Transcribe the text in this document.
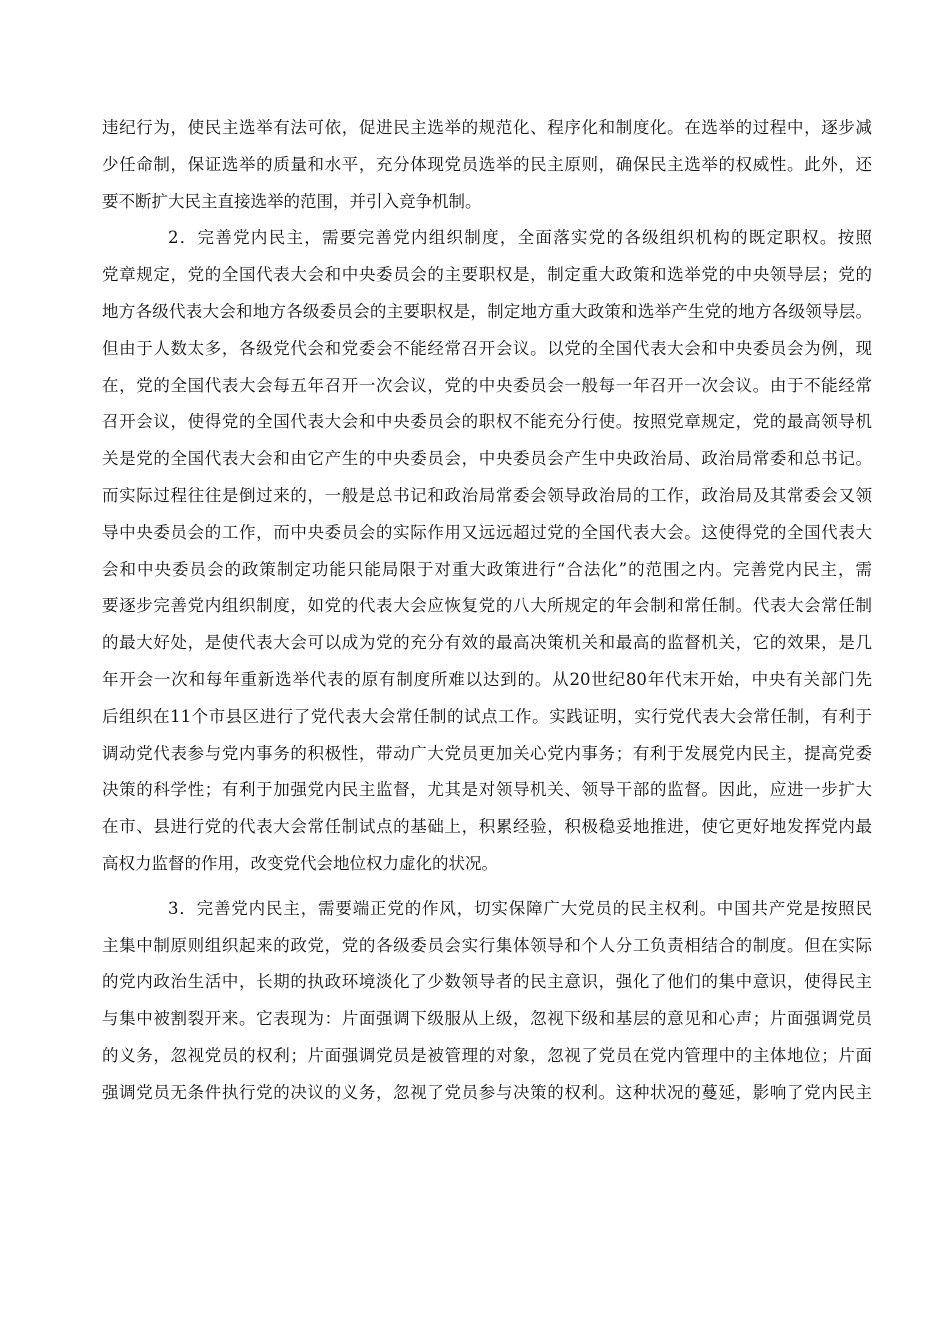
违纪行为，使民主选举有法可依，促进民主选举的规范化、程序化和制度化。在选举的过程中，逐步减
少任命制，保证选举的质量和水平，充分体现党员选举的民主原则，确保民主选举的权威性。此外，还
要不断扩大民主直接选举的范围，并引入竞争机制。
2．完善党内民主，需要完善党内组织制度，全面落实党的各级组织机构的既定职权。按照
党章规定，党的全国代表大会和中央委员会的主要职权是，制定重大政策和选举党的中央领导层；党的
地方各级代表大会和地方各级委员会的主要职权是，制定地方重大政策和选举产生党的地方各级领导层。
但由于人数太多，各级党代会和党委会不能经常召开会议。以党的全国代表大会和中央委员会为例，现
在，党的全国代表大会每五年召开一次会议，党的中央委员会一般每一年召开一次会议。由于不能经常
召开会议，使得党的全国代表大会和中央委员会的职权不能充分行使。按照党章规定，党的最高领导机
关是党的全国代表大会和由它产生的中央委员会，中央委员会产生中央政治局、政治局常委和总书记。
而实际过程往往是倒过来的，一般是总书记和政治局常委会领导政治局的工作，政治局及其常委会又领
导中央委员会的工作，而中央委员会的实际作用又远远超过党的全国代表大会。这使得党的全国代表大
会和中央委员会的政策制定功能只能局限于对重大政策进行“合法化”的范围之内。完善党内民主，需
要逐步完善党内组织制度，如党的代表大会应恢复党的八大所规定的年会制和常任制。代表大会常任制
的最大好处，是使代表大会可以成为党的充分有效的最高决策机关和最高的监督机关，它的效果，是几
年开会一次和每年重新选举代表的原有制度所难以达到的。从20世纪80年代末开始，中央有关部门先
后组织在11个市县区进行了党代表大会常任制的试点工作。实践证明，实行党代表大会常任制，有利于
调动党代表参与党内事务的积极性，带动广大党员更加关心党内事务；有利于发展党内民主，提高党委
决策的科学性；有利于加强党内民主监督，尤其是对领导机关、领导干部的监督。因此，应进一步扩大
在市、县进行党的代表大会常任制试点的基础上，积累经验，积极稳妥地推进，使它更好地发挥党内最
高权力监督的作用，改变党代会地位权力虚化的状况。
3．完善党内民主，需要端正党的作风，切实保障广大党员的民主权利。中国共产党是按照民
主集中制原则组织起来的政党，党的各级委员会实行集体领导和个人分工负责相结合的制度。但在实际
的党内政治生活中，长期的执政环境淡化了少数领导者的民主意识，强化了他们的集中意识，使得民主
与集中被割裂开来。它表现为：片面强调下级服从上级，忽视下级和基层的意见和心声；片面强调党员
的义务，忽视党员的权利；片面强调党员是被管理的对象，忽视了党员在党内管理中的主体地位；片面
强调党员无条件执行党的决议的义务，忽视了党员参与决策的权利。这种状况的蔓延，影响了党内民主
